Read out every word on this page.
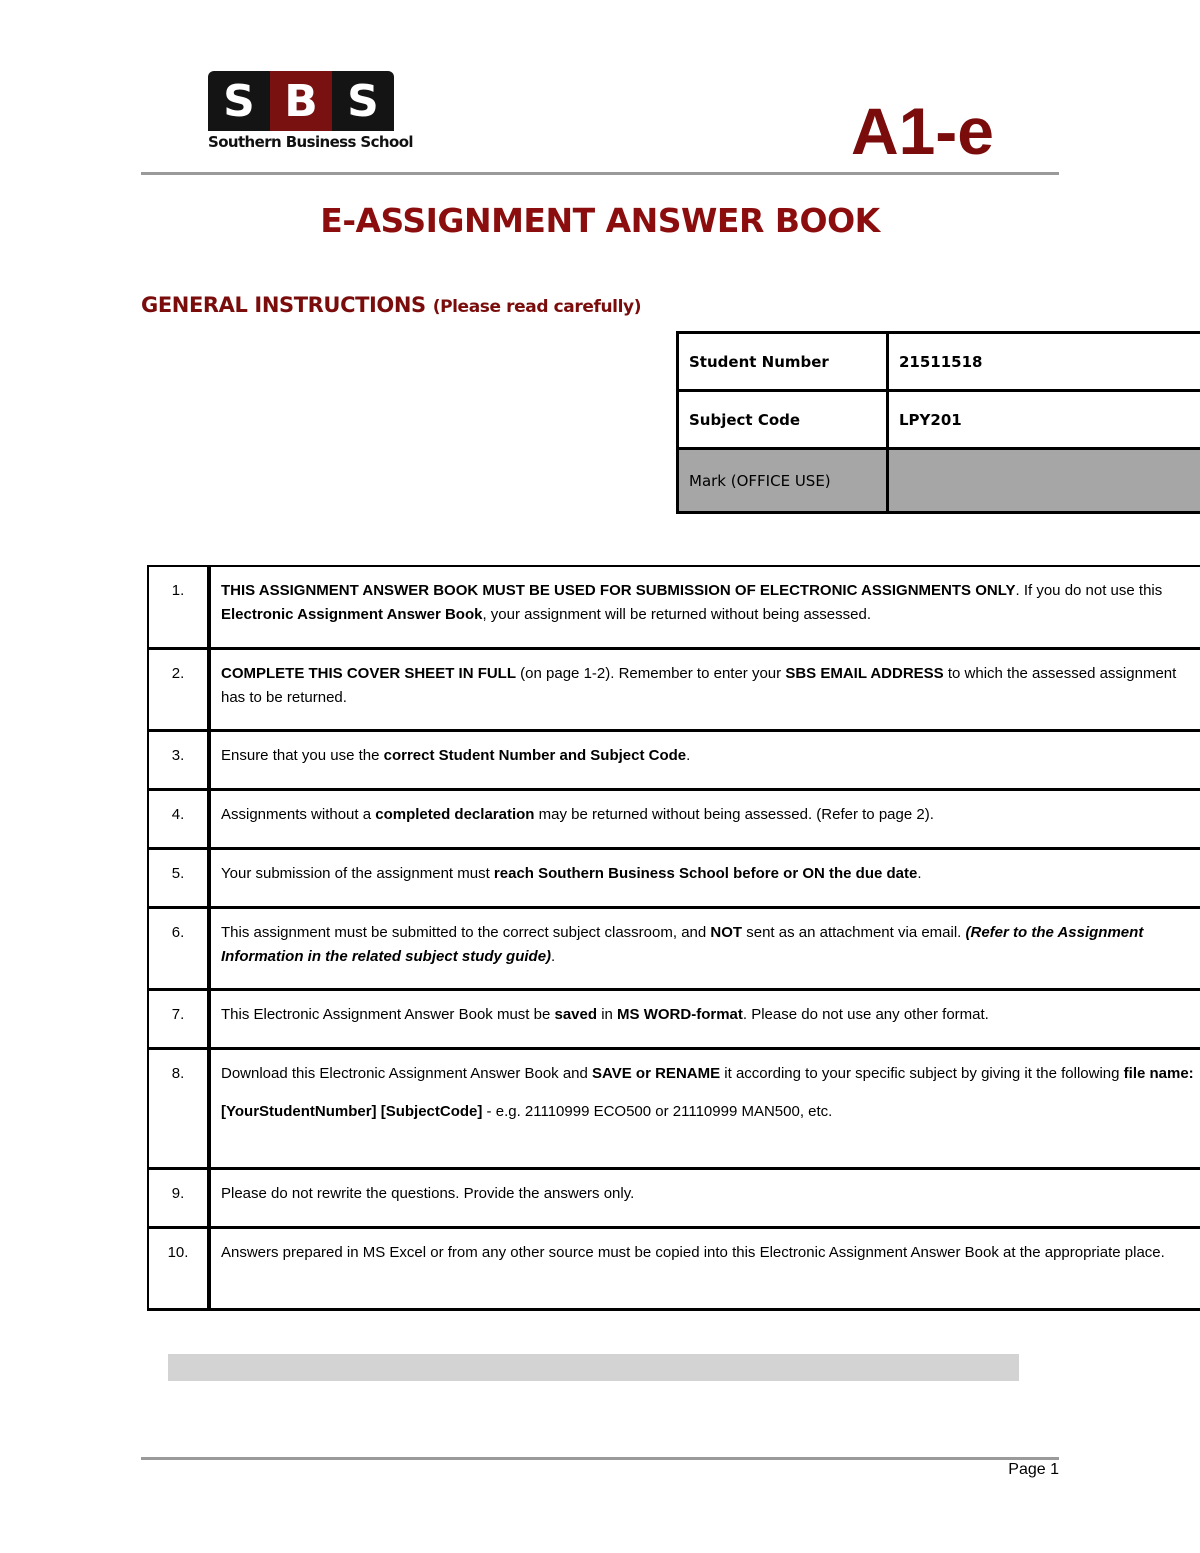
S B S
Southern Business School	A1-e
E-ASSIGNMENT ANSWER BOOK
GENERAL INSTRUCTIONS (Please read carefully)
Student Number	21511518
Subject Code	LPY201
Mark (OFFICE USE)	
1.	THIS ASSIGNMENT ANSWER BOOK MUST BE USED FOR SUBMISSION OF ELECTRONIC ASSIGNMENTS ONLY. If you do not use this Electronic Assignment Answer Book, your assignment will be returned without being assessed.
2.	COMPLETE THIS COVER SHEET IN FULL (on page 1-2). Remember to enter your SBS EMAIL ADDRESS to which the assessed assignment has to be returned.
3.	Ensure that you use the correct Student Number and Subject Code.
4.	Assignments without a completed declaration may be returned without being assessed. (Refer to page 2).
5.	Your submission of the assignment must reach Southern Business School before or ON the due date.
6.	This assignment must be submitted to the correct subject classroom, and NOT sent as an attachment via email. (Refer to the Assignment Information in the related subject study guide).
7.	This Electronic Assignment Answer Book must be saved in MS WORD-format. Please do not use any other format.
8.	Download this Electronic Assignment Answer Book and SAVE or RENAME it according to your specific subject by giving it the following file name:

[YourStudentNumber] [SubjectCode] - e.g. 21110999 ECO500 or 21110999 MAN500, etc.

9.	Please do not rewrite the questions. Provide the answers only.
10.	Answers prepared in MS Excel or from any other source must be copied into this Electronic Assignment Answer Book at the appropriate place.
Page 1
